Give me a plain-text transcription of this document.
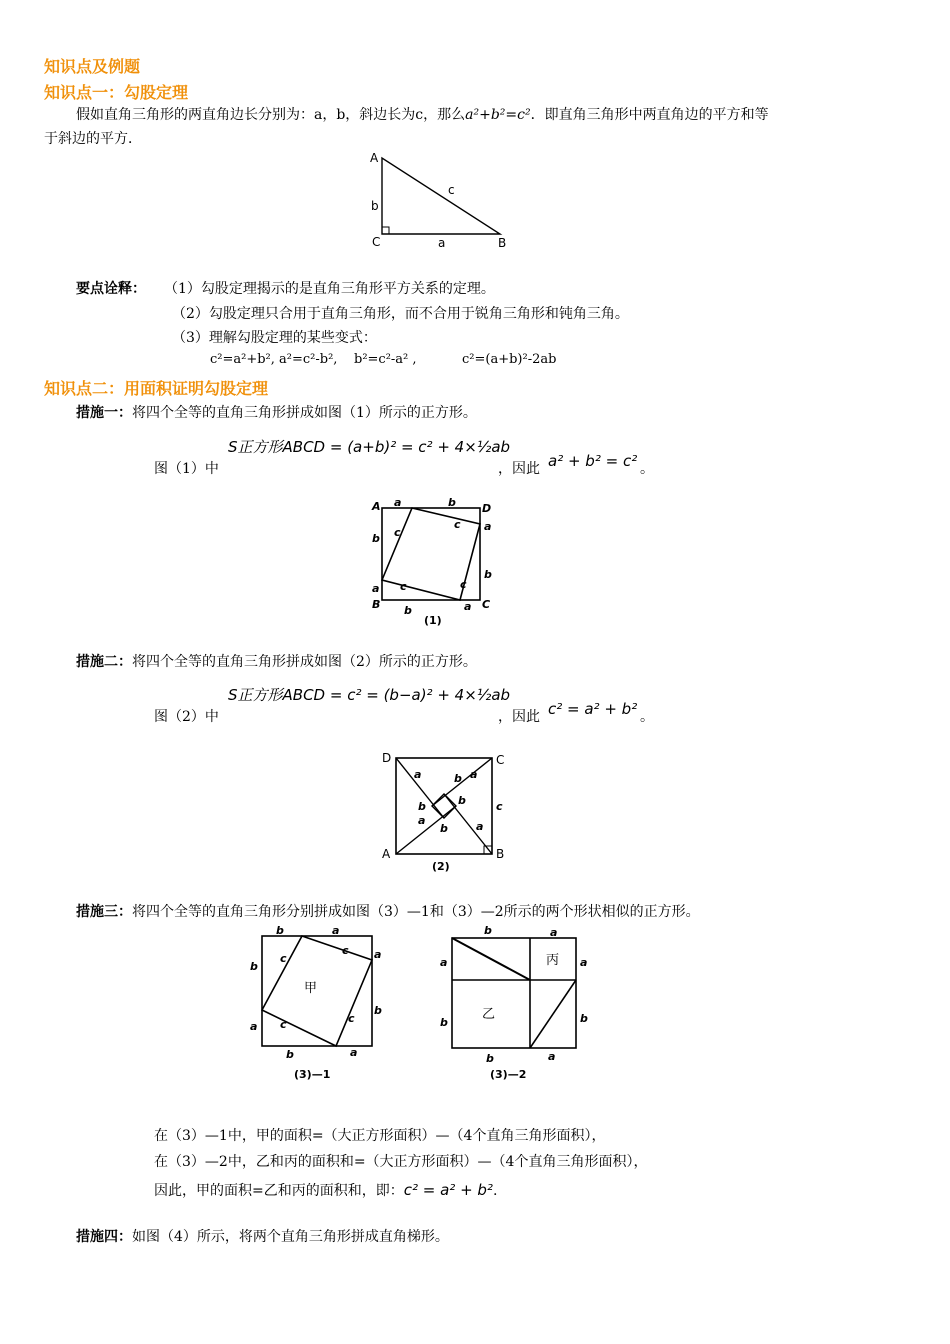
知识点及例题
知识点一：勾股定理
假如直角三角形的两直角边长分别为：a，b，斜边长为c，那么a²+b²=c²．即直角三角形中两直角边的平方和等
于斜边的平方．
A
b
C	a	B
c
要点诠释： （1）勾股定理揭示的是直角三角形平方关系的定理。
（2）勾股定理只合用于直角三角形，而不合用于锐角三角形和钝角三角。
（3）理解勾股定理的某些变式：
c²=a²+b², a²=c²-b², b²=c²-a² ,	c²=(a+b)²-2ab
知识点二：用面积证明勾股定理
措施一：将四个全等的直角三角形拼成如图（1）所示的正方形。
图（1）中
S正方形ABCD = (a+b)² = c² + 4×½ab
，因此 a² + b² = c² 。
A	D
B	C
a	b
a
b
b	a
b
a
c
c
c
c
(1)
措施二：将四个全等的直角三角形拼成如图（2）所示的正方形。
图（2）中
S正方形ABCD = c² = (b−a)² + 4×½ab
，因此 c² = a² + b² 。
D	C
A	B
a	b a
b	b
b
a	a
c
(2)
措施三：将四个全等的直角三角形分别拼成如图（3）—1和（3）—2所示的两个形状相似的正方形。
甲
b	a
a
b
b	a
b
a
c
c
c
c
(3)—1
丙
乙
b	a
a	a
b	b
b	a
(3)—2
在（3）—1中，甲的面积=（大正方形面积）—（4个直角三角形面积），
在（3）—2中，乙和丙的面积和=（大正方形面积）—（4个直角三角形面积），
因此，甲的面积=乙和丙的面积和，即：c² = a² + b².
措施四：如图（4）所示，将两个直角三角形拼成直角梯形。
